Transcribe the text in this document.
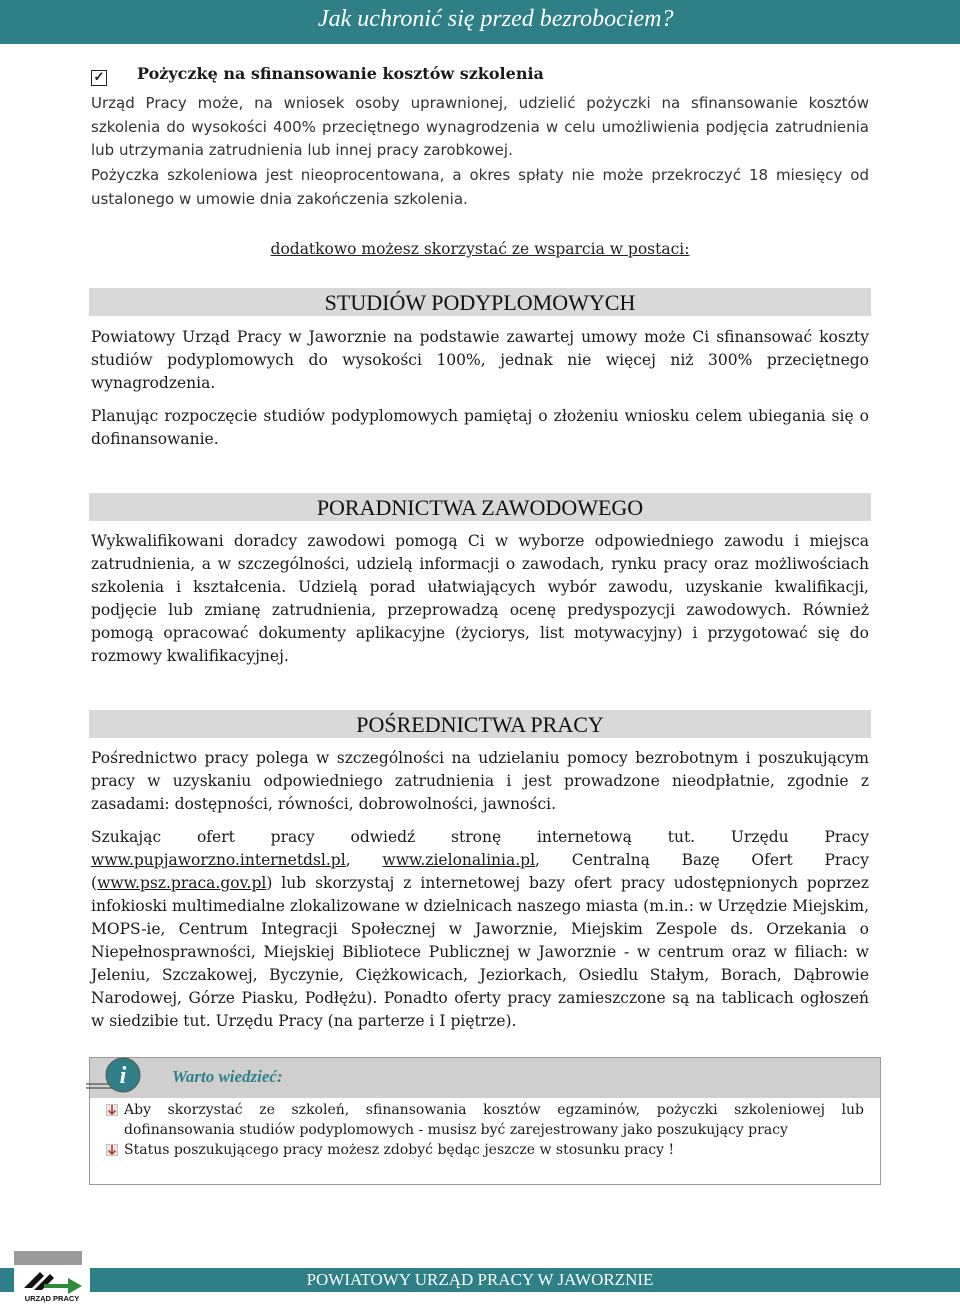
Jak uchronić się przed bezrobociem?
✓ Pożyczkę na sfinansowanie kosztów szkolenia

Urząd Pracy może, na wniosek osoby uprawnionej, udzielić pożyczki na sfinansowanie kosztów szkolenia do wysokości 400% przeciętnego wynagrodzenia w celu umożliwienia podjęcia zatrudnienia lub utrzymania zatrudnienia lub innej pracy zarobkowej.

Pożyczka szkoleniowa jest nieoprocentowana, a okres spłaty nie może przekroczyć 18 miesięcy od ustalonego w umowie dnia zakończenia szkolenia.

dodatkowo możesz skorzystać ze wsparcia w postaci:
STUDIÓW PODYPLOMOWYCH

Powiatowy Urząd Pracy w Jaworznie na podstawie zawartej umowy może Ci sfinansować koszty studiów podyplomowych do wysokości 100%, jednak nie więcej niż 300% przeciętnego wynagrodzenia.

Planując rozpoczęcie studiów podyplomowych pamiętaj o złożeniu wniosku celem ubiegania się o dofinansowanie.

PORADNICTWA ZAWODOWEGO

Wykwalifikowani doradcy zawodowi pomogą Ci w wyborze odpowiedniego zawodu i miejsca zatrudnienia, a w szczególności, udzielą informacji o zawodach, rynku pracy oraz możliwościach szkolenia i kształcenia. Udzielą porad ułatwiających wybór zawodu, uzyskanie kwalifikacji, podjęcie lub zmianę zatrudnienia, przeprowadzą ocenę predyspozycji zawodowych. Również pomogą opracować dokumenty aplikacyjne (życiorys, list motywacyjny) i przygotować się do rozmowy kwalifikacyjnej.

POŚREDNICTWA PRACY

Pośrednictwo pracy polega w szczególności na udzielaniu pomocy bezrobotnym i poszukującym pracy w uzyskaniu odpowiedniego zatrudnienia i jest prowadzone nieodpłatnie, zgodnie z zasadami: dostępności, równości, dobrowolności, jawności.

Szukając ofert pracy odwiedź stronę internetową tut. Urzędu Pracy www.pupjaworzno.internetdsl.pl, www.zielonalinia.pl, Centralną Bazę Ofert Pracy (www.psz.praca.gov.pl) lub skorzystaj z internetowej bazy ofert pracy udostępnionych poprzez infokioski multimedialne zlokalizowane w dzielnicach naszego miasta (m.in.: w Urzędzie Miejskim, MOPS-ie, Centrum Integracji Społecznej w Jaworznie, Miejskim Zespole ds. Orzekania o Niepełnosprawności, Miejskiej Bibliotece Publicznej w Jaworznie - w centrum oraz w filiach: w Jeleniu, Szczakowej, Byczynie, Ciężkowicach, Jeziorkach, Osiedlu Stałym, Borach, Dąbrowie Narodowej, Górze Piasku, Podłężu). Ponadto oferty pracy zamieszczone są na tablicach ogłoszeń w siedzibie tut. Urzędu Pracy (na parterze i I piętrze).

Warto wiedzieć:
Aby skorzystać ze szkoleń, sfinansowania kosztów egzaminów, pożyczki szkoleniowej lub dofinansowania studiów podyplomowych - musisz być zarejestrowany jako poszukujący pracy
Status poszukującego pracy możesz zdobyć będąc jeszcze w stosunku pracy !
i
POWIATOWY URZĄD PRACY W JAWORZNIE
URZĄD PRACY
